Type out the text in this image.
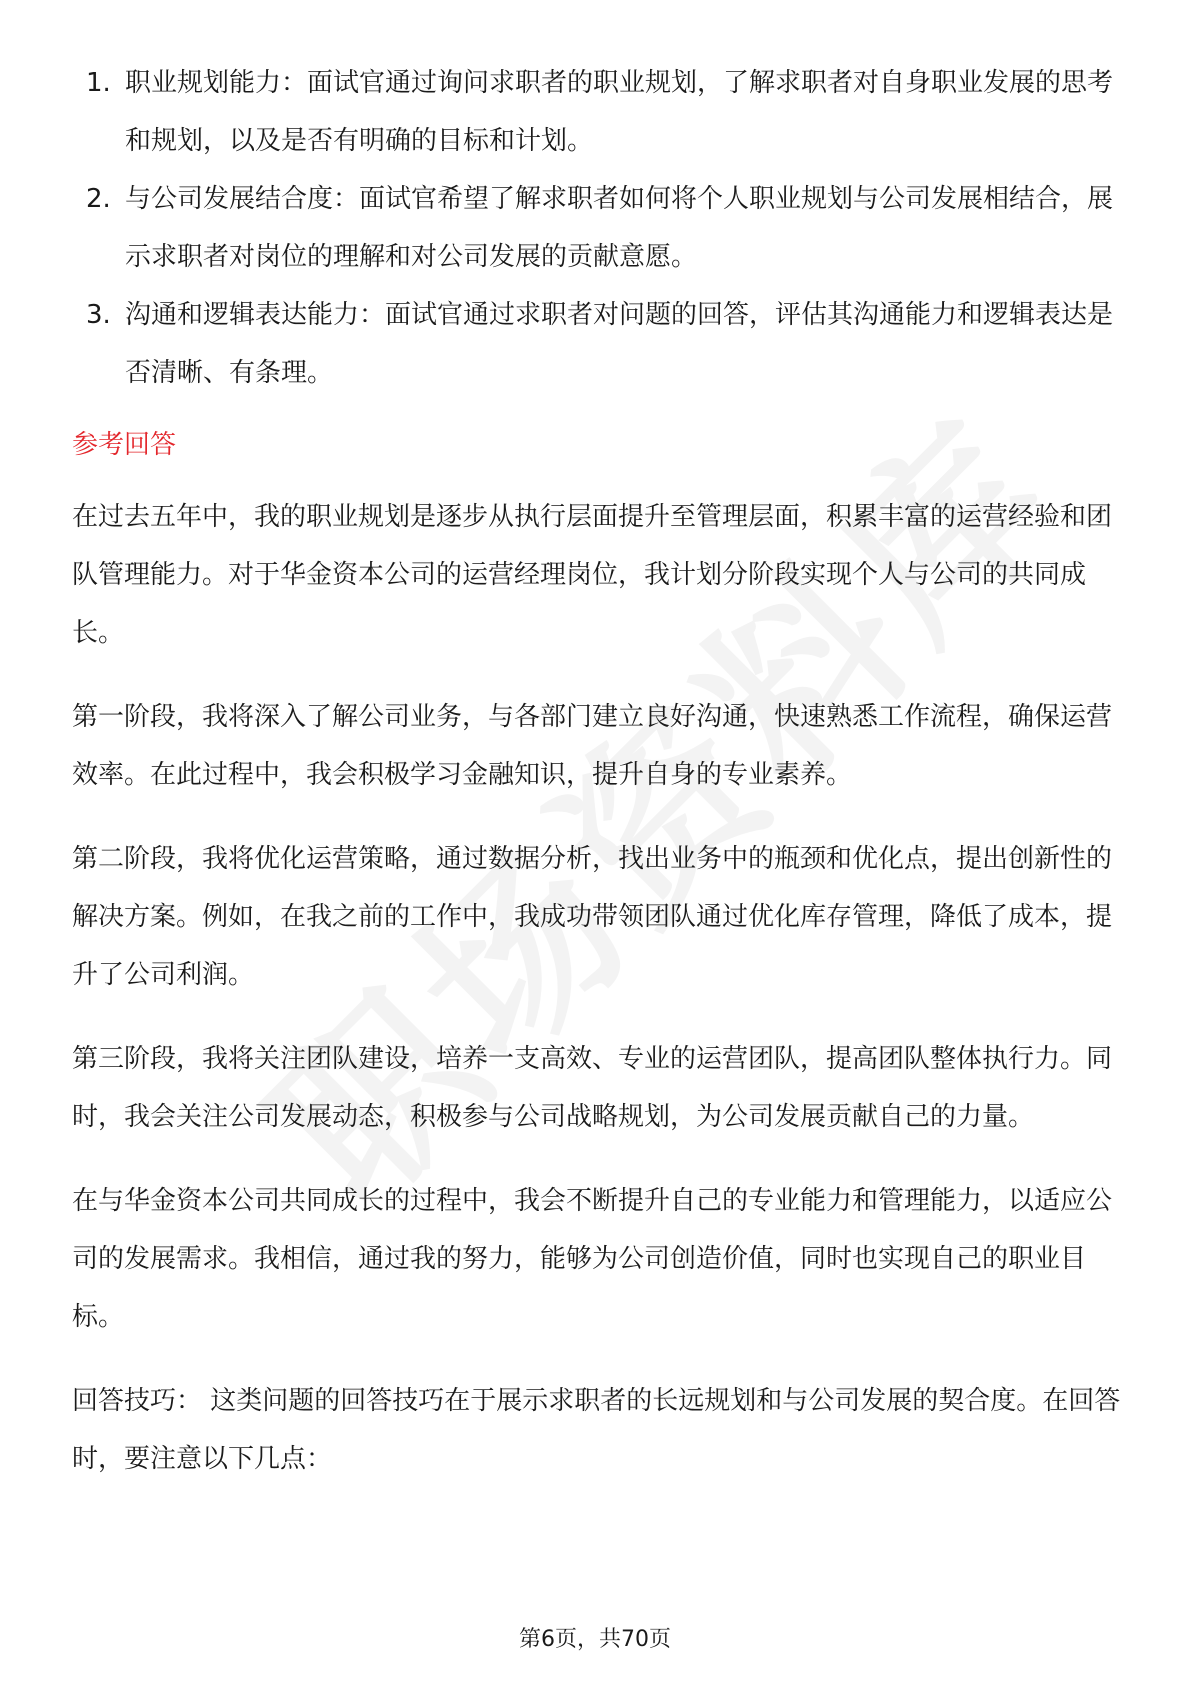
1. 职业规划能力：面试官通过询问求职者的职业规划，了解求职者对自身职业发展的思考和规划，以及是否有明确的目标和计划。
2. 与公司发展结合度：面试官希望了解求职者如何将个人职业规划与公司发展相结合，展示求职者对岗位的理解和对公司发展的贡献意愿。
3. 沟通和逻辑表达能力：面试官通过求职者对问题的回答，评估其沟通能力和逻辑表达是否清晰、有条理。
参考回答

在过去五年中，我的职业规划是逐步从执行层面提升至管理层面，积累丰富的运营经验和团队管理能力。对于华金资本公司的运营经理岗位，我计划分阶段实现个人与公司的共同成长。

第一阶段，我将深入了解公司业务，与各部门建立良好沟通，快速熟悉工作流程，确保运营效率。在此过程中，我会积极学习金融知识，提升自身的专业素养。

第二阶段，我将优化运营策略，通过数据分析，找出业务中的瓶颈和优化点，提出创新性的解决方案。例如，在我之前的工作中，我成功带领团队通过优化库存管理，降低了成本，提升了公司利润。

第三阶段，我将关注团队建设，培养一支高效、专业的运营团队，提高团队整体执行力。同时，我会关注公司发展动态，积极参与公司战略规划，为公司发展贡献自己的力量。

在与华金资本公司共同成长的过程中，我会不断提升自己的专业能力和管理能力，以适应公司的发展需求。我相信，通过我的努力，能够为公司创造价值，同时也实现自己的职业目标。

回答技巧： 这类问题的回答技巧在于展示求职者的长远规划和与公司发展的契合度。在回答时，要注意以下几点：

第6页，共70页
